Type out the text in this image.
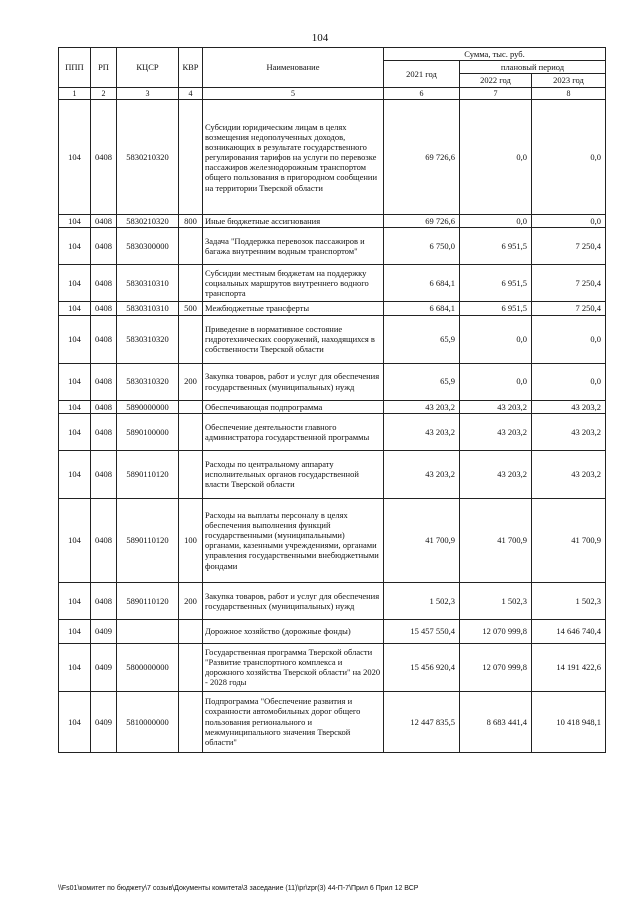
104
ППП	РП	КЦСР	КВР	Наименование	Сумма, тыс. руб.		
					2021 год	плановый период	
						2022 год	2023 год
1	2	3	4	5	6	7	8
104	0408	5830210320		Субсидии юридическим лицам в целях возмещения недополученных доходов, возникающих в результате государственного регулирования тарифов на услуги по перевозке пассажиров железнодорожным транспортом общего пользования в пригородном сообщении на территории Тверской области	69 726,6	0,0	0,0
104	0408	5830210320	800	Иные бюджетные ассигнования	69 726,6	0,0	0,0
104	0408	5830300000		Задача "Поддержка перевозок пассажиров и багажа внутренним водным транспортом"	6 750,0	6 951,5	7 250,4
104	0408	5830310310		Субсидии местным бюджетам на поддержку социальных маршрутов внутреннего водного транспорта	6 684,1	6 951,5	7 250,4
104	0408	5830310310	500	Межбюджетные трансферты	6 684,1	6 951,5	7 250,4
104	0408	5830310320		Приведение в нормативное состояние гидротехнических сооружений, находящихся в собственности Тверской области	65,9	0,0	0,0
104	0408	5830310320	200	Закупка товаров, работ и услуг для обеспечения государственных (муниципальных) нужд	65,9	0,0	0,0
104	0408	5890000000		Обеспечивающая подпрограмма	43 203,2	43 203,2	43 203,2
104	0408	5890100000		Обеспечение деятельности главного администратора государственной программы	43 203,2	43 203,2	43 203,2
104	0408	5890110120		Расходы по центральному аппарату исполнительных органов государственной власти Тверской области	43 203,2	43 203,2	43 203,2
104	0408	5890110120	100	Расходы на выплаты персоналу в целях обеспечения выполнения функций государственными (муниципальными) органами, казенными учреждениями, органами управления государственными внебюджетными фондами	41 700,9	41 700,9	41 700,9
104	0408	5890110120	200	Закупка товаров, работ и услуг для обеспечения государственных (муниципальных) нужд	1 502,3	1 502,3	1 502,3
104	0409			Дорожное хозяйство (дорожные фонды)	15 457 550,4	12 070 999,8	14 646 740,4
104	0409	5800000000		Государственная программа Тверской области "Развитие транспортного комплекса и дорожного хозяйства Тверской области" на 2020 - 2028 годы	15 456 920,4	12 070 999,8	14 191 422,6
104	0409	5810000000		Подпрограмма "Обеспечение развития и сохранности автомобильных дорог общего пользования регионального и межмуниципального значения Тверской области"	12 447 835,5	8 683 441,4	10 418 948,1
\\Fs01\комитет по бюджету\7 созыв\Документы комитета\3 заседание (11)\pr\zpr(3) 44-П-7\Прил 6 Прил 12 ВСР
